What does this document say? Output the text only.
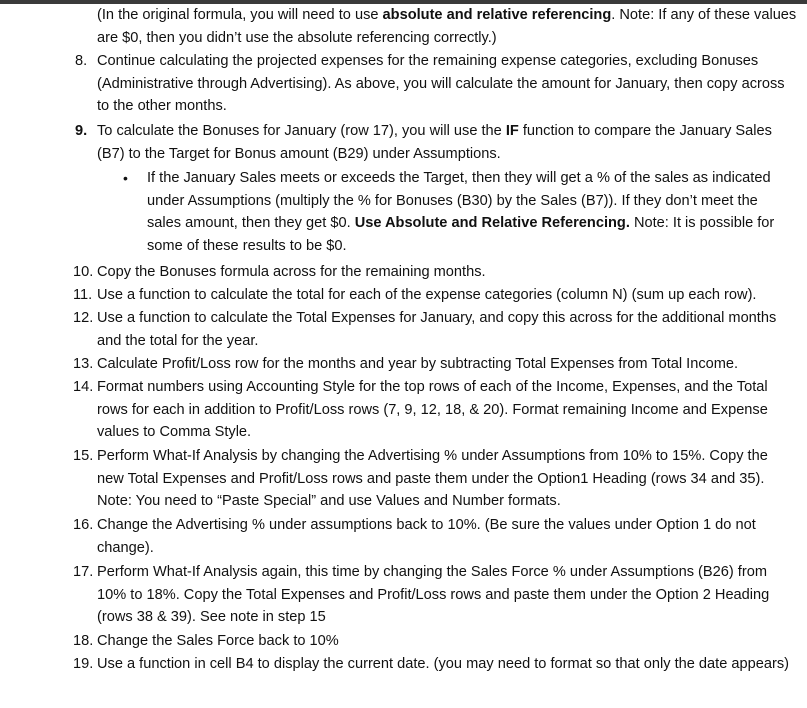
(In the original formula, you will need to use absolute and relative referencing. Note: If any of these values are $0, then you didn’t use the absolute referencing correctly.)
8. Continue calculating the projected expenses for the remaining expense categories, excluding Bonuses (Administrative through Advertising). As above, you will calculate the amount for January, then copy across to the other months.
9. To calculate the Bonuses for January (row 17), you will use the IF function to compare the January Sales (B7) to the Target for Bonus amount (B29) under Assumptions.
• If the January Sales meets or exceeds the Target, then they will get a % of the sales as indicated under Assumptions (multiply the % for Bonuses (B30) by the Sales (B7)). If they don’t meet the sales amount, then they get $0. Use Absolute and Relative Referencing. Note: It is possible for some of these results to be $0.
10. Copy the Bonuses formula across for the remaining months.
11. Use a function to calculate the total for each of the expense categories (column N) (sum up each row).
12. Use a function to calculate the Total Expenses for January, and copy this across for the additional months and the total for the year.
13. Calculate Profit/Loss row for the months and year by subtracting Total Expenses from Total Income.
14. Format numbers using Accounting Style for the top rows of each of the Income, Expenses, and the Total rows for each in addition to Profit/Loss rows (7, 9, 12, 18, & 20). Format remaining Income and Expense values to Comma Style.
15. Perform What-If Analysis by changing the Advertising % under Assumptions from 10% to 15%. Copy the new Total Expenses and Profit/Loss rows and paste them under the Option1 Heading (rows 34 and 35). Note: You need to “Paste Special” and use Values and Number formats.
16. Change the Advertising % under assumptions back to 10%. (Be sure the values under Option 1 do not change).
17. Perform What-If Analysis again, this time by changing the Sales Force % under Assumptions (B26) from 10% to 18%. Copy the Total Expenses and Profit/Loss rows and paste them under the Option 2 Heading (rows 38 & 39). See note in step 15
18. Change the Sales Force back to 10%
19. Use a function in cell B4 to display the current date. (you may need to format so that only the date appears)
